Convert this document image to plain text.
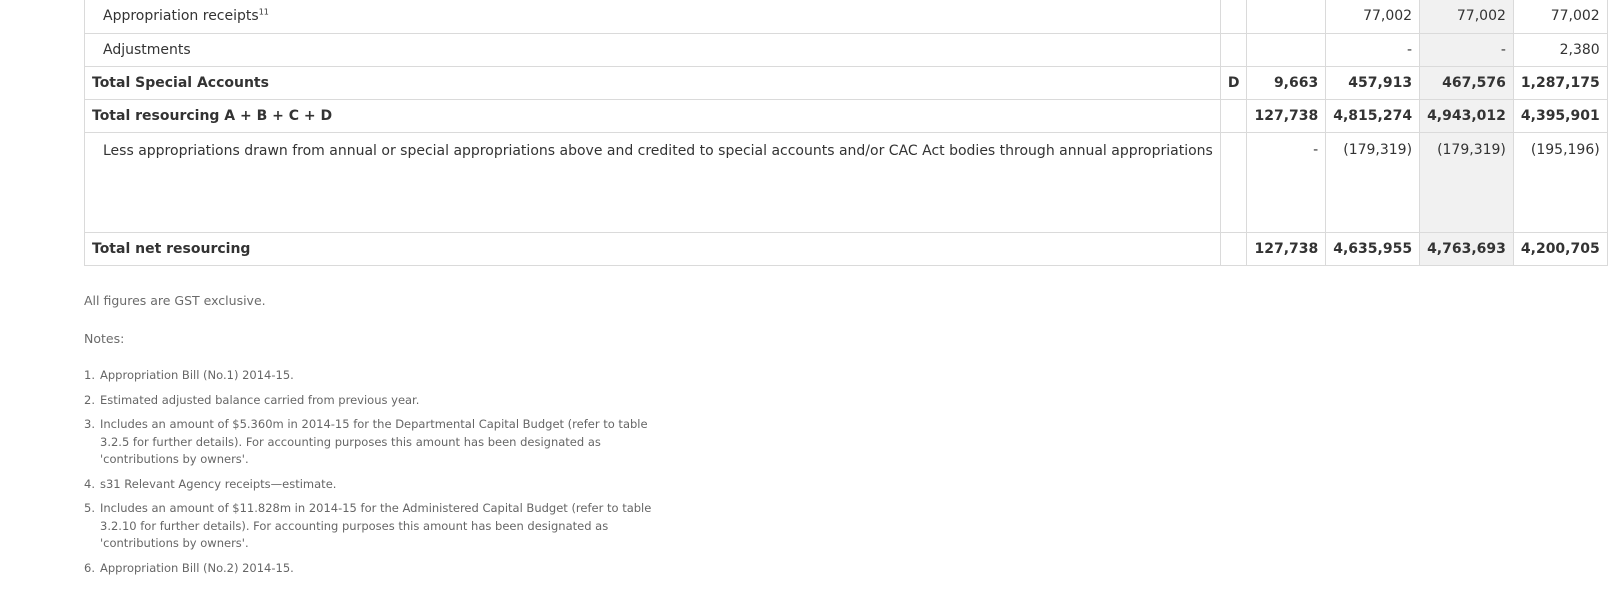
Appropriation receipts$^{11}$			77,002	77,002	77,002
Adjustments			-	-	2,380
Total Special Accounts	D	9,663	457,913	467,576	1,287,175
Total resourcing A + B + C + D		127,738	4,815,274	4,943,012	4,395,901
Less appropriations drawn from annual or special appropriations above and credited to special accounts and/or CAC Act bodies through annual appropriations		-	(179,319)	(179,319)	(195,196)
Total net resourcing		127,738	4,635,955	4,763,693	4,200,705
All figures are GST exclusive.
Notes:
1. Appropriation Bill (No.1) 2014-15.
2. Estimated adjusted balance carried from previous year.
3. Includes an amount of $5.360m in 2014-15 for the Departmental Capital Budget (refer to table 3.2.5 for further details). For accounting purposes this amount has been designated as 'contributions by owners'.
4. s31 Relevant Agency receipts—estimate.
5. Includes an amount of $11.828m in 2014-15 for the Administered Capital Budget (refer to table 3.2.10 for further details). For accounting purposes this amount has been designated as 'contributions by owners'.
6. Appropriation Bill (No.2) 2014-15.
